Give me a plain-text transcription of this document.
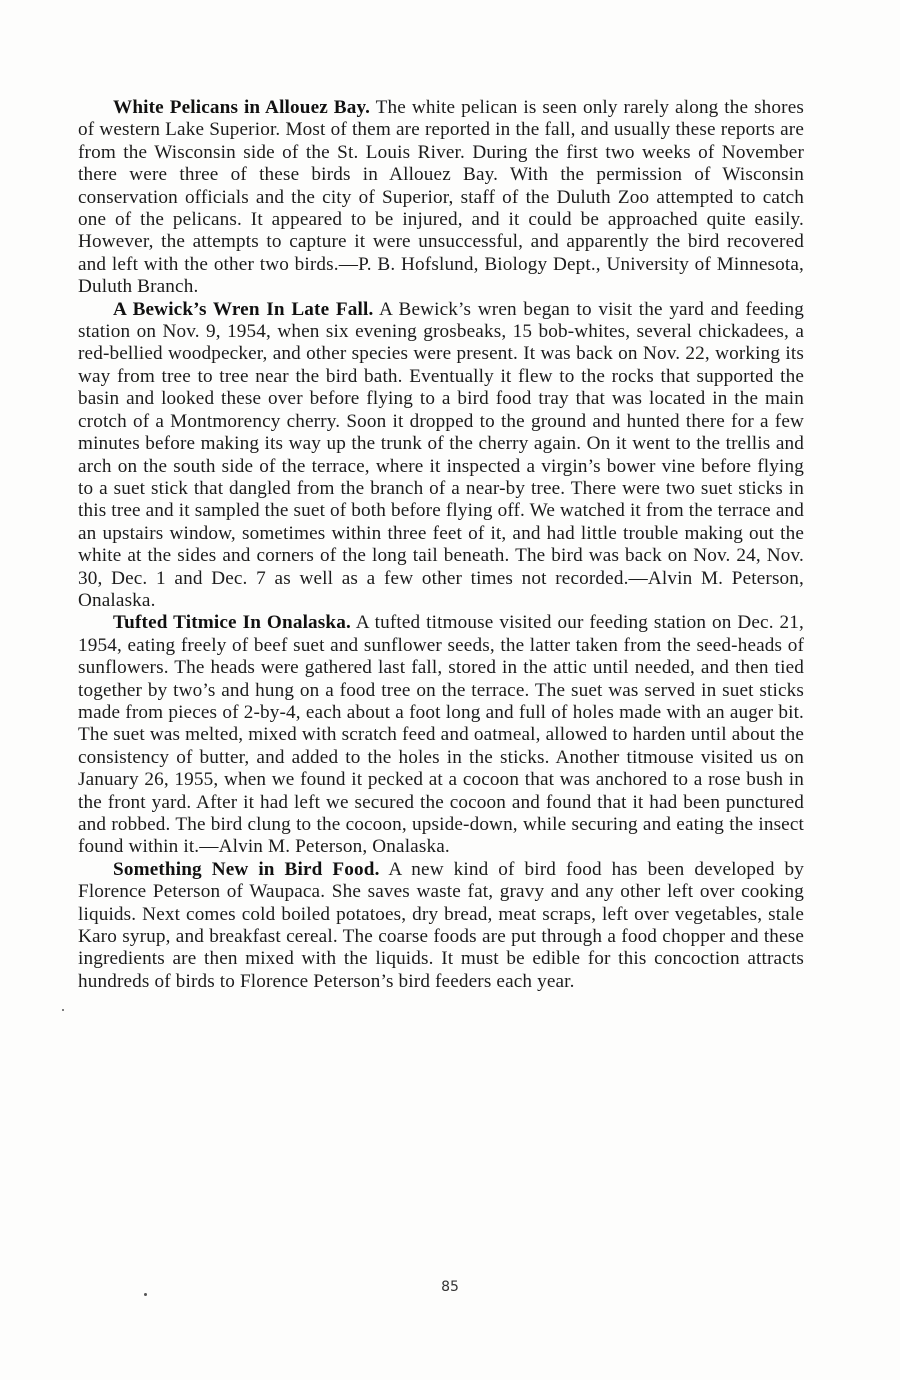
White Pelicans in Allouez Bay. The white pelican is seen only rarely along the shores of western Lake Superior. Most of them are reported in the fall, and usually these reports are from the Wisconsin side of the St. Louis River. During the first two weeks of November there were three of these birds in Allouez Bay. With the permission of Wisconsin conservation officials and the city of Superior, staff of the Duluth Zoo attempted to catch one of the pelicans. It appeared to be injured, and it could be approached quite easily. However, the attempts to capture it were unsuccessful, and apparently the bird recovered and left with the other two birds.—P. B. Hofslund, Biology Dept., University of Minnesota, Duluth Branch.

A Bewick’s Wren In Late Fall. A Bewick’s wren began to visit the yard and feeding station on Nov. 9, 1954, when six evening grosbeaks, 15 bob-whites, several chickadees, a red-bellied woodpecker, and other species were present. It was back on Nov. 22, working its way from tree to tree near the bird bath. Eventually it flew to the rocks that supported the basin and looked these over before flying to a bird food tray that was located in the main crotch of a Montmorency cherry. Soon it dropped to the ground and hunted there for a few minutes before making its way up the trunk of the cherry again. On it went to the trellis and arch on the south side of the terrace, where it inspected a virgin’s bower vine before flying to a suet stick that dangled from the branch of a near-by tree. There were two suet sticks in this tree and it sampled the suet of both before flying off. We watched it from the terrace and an upstairs window, sometimes within three feet of it, and had little trouble making out the white at the sides and corners of the long tail beneath. The bird was back on Nov. 24, Nov. 30, Dec. 1 and Dec. 7 as well as a few other times not recorded.—Alvin M. Peterson, Onalaska.

Tufted Titmice In Onalaska. A tufted titmouse visited our feeding station on Dec. 21, 1954, eating freely of beef suet and sunflower seeds, the latter taken from the seed-heads of sunflowers. The heads were gathered last fall, stored in the attic until needed, and then tied together by two’s and hung on a food tree on the terrace. The suet was served in suet sticks made from pieces of 2-by-4, each about a foot long and full of holes made with an auger bit. The suet was melted, mixed with scratch feed and oatmeal, allowed to harden until about the consistency of butter, and added to the holes in the sticks. Another titmouse visited us on January 26, 1955, when we found it pecked at a cocoon that was anchored to a rose bush in the front yard. After it had left we secured the cocoon and found that it had been punctured and robbed. The bird clung to the cocoon, upside-down, while securing and eating the insect found within it.—Alvin M. Peterson, Onalaska.

Something New in Bird Food. A new kind of bird food has been developed by Florence Peterson of Waupaca. She saves waste fat, gravy and any other left over cooking liquids. Next comes cold boiled potatoes, dry bread, meat scraps, left over vegetables, stale Karo syrup, and breakfast cereal. The coarse foods are put through a food chopper and these ingredients are then mixed with the liquids. It must be edible for this concoction attracts hundreds of birds to Florence Peterson’s bird feeders each year.

85
